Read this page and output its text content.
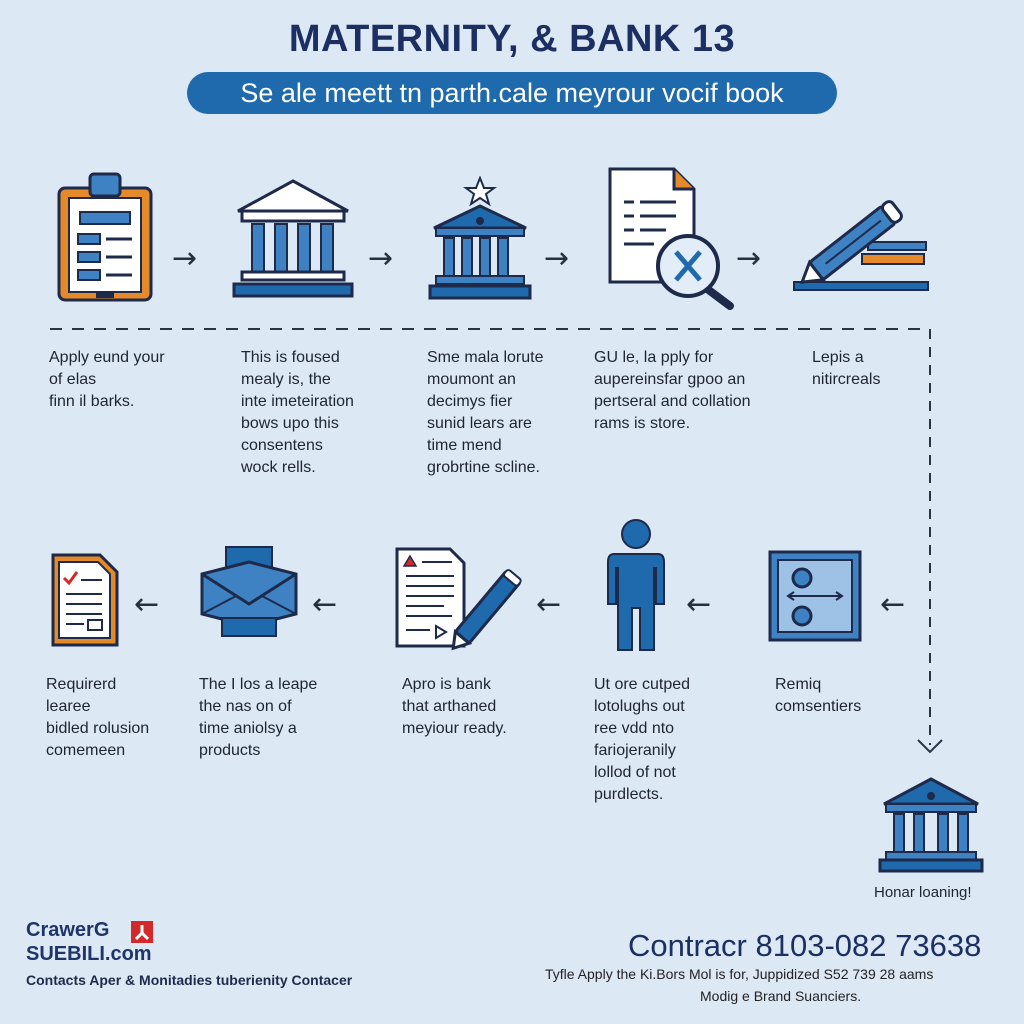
MATERNITY, & BANK 13
Se ale meett tn parth.cale meyrour vocif book
→	→	→	→
Apply eund your
of elas
finn il barks.
This is foused
mealy is, the
inte imeteiration
bows upo this
consentens
wock rells.
Sme mala lorute
moumont an
decimys fier
sunid lears are
time mend
grobrtine scline.
GU le, la pply for
aupereinsfar gpoo an
pertseral and collation
rams is store.
Lepis a
nitircreals
←	←	←	←	←
Requirerd
learee
bidled rolusion
comemeen
The I los a leape
the nas on of
time aniolsy a
products
Apro is bank
that arthaned
meyiour ready.
Ut ore cutped
lotolughs out
ree vdd nto
fariojeranily
lollod of not
purdlects.
Remiq
comsentiers
Honar loaning!
CrawerG
SUEBILI.com
Contacts Aper & Monitadies tuberienity Contacer
Contracr 8103-082 73638
Tyfle Apply the Ki.Bors Mol is for, Juppidized S52 739 28 aams
Modig e Brand Suanciers.
